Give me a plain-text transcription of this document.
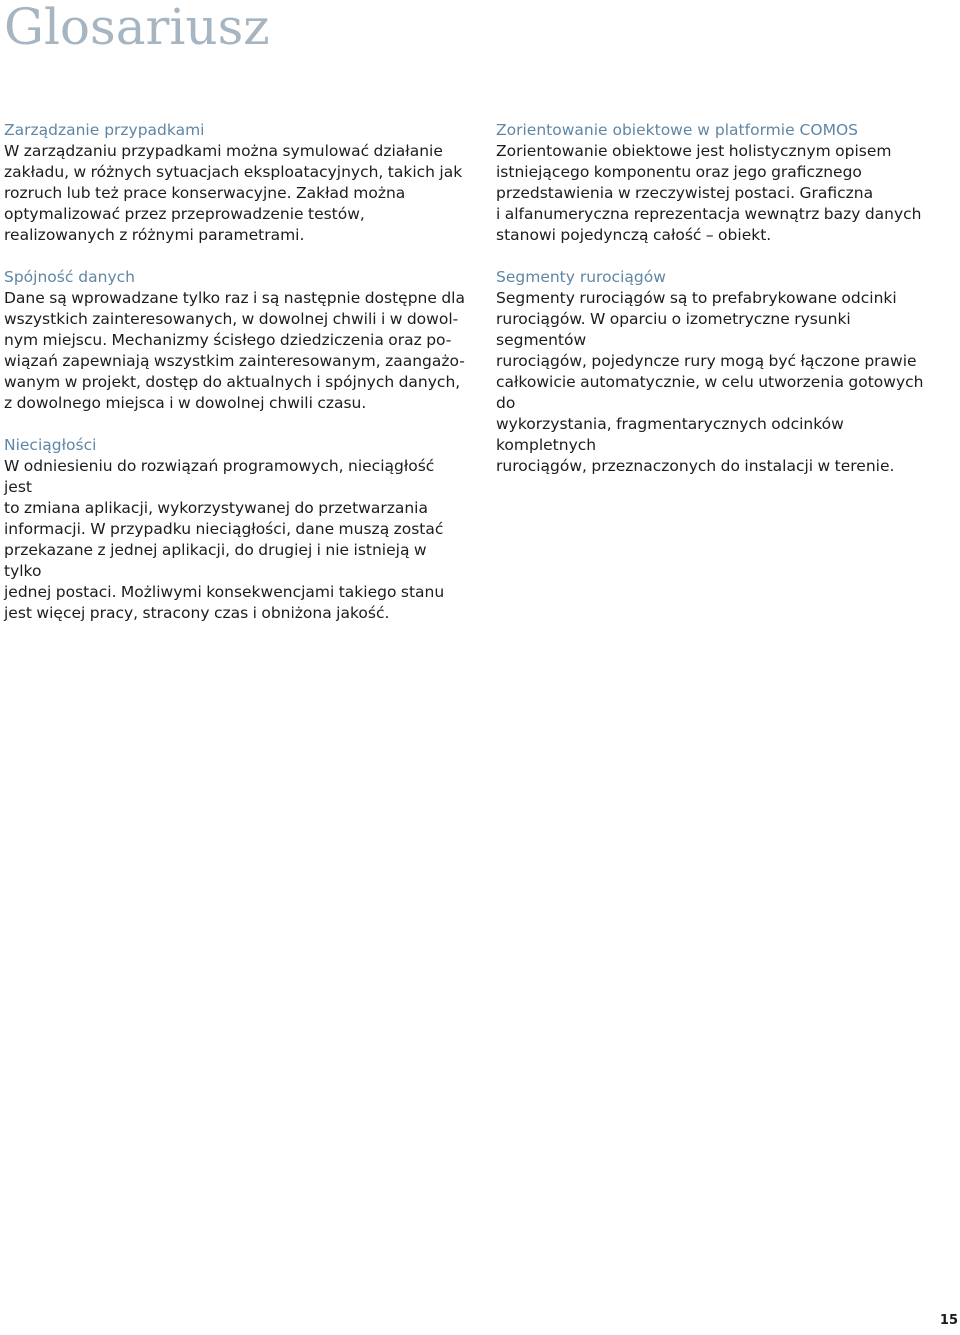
Glosariusz
Zarządzanie przypadkami
W zarządzaniu przypadkami można symulować działanie
zakładu, w różnych sytuacjach eksploatacyjnych, takich jak
rozruch lub też prace konserwacyjne. Zakład można
optymalizować przez przeprowadzenie testów,
realizowanych z różnymi parametrami.
Spójność danych
Dane są wprowadzane tylko raz i są następnie dostępne dla
wszystkich zainteresowanych, w dowolnej chwili i w dowol-
nym miejscu. Mechanizmy ścisłego dziedziczenia oraz po-
wiązań zapewniają wszystkim zainteresowanym, zaangażo-
wanym w projekt, dostęp do aktualnych i spójnych danych,
z dowolnego miejsca i w dowolnej chwili czasu.
Nieciągłości
W odniesieniu do rozwiązań programowych, nieciągłość jest
to zmiana aplikacji, wykorzystywanej do przetwarzania
informacji. W przypadku nieciągłości, dane muszą zostać
przekazane z jednej aplikacji, do drugiej i nie istnieją w tylko
jednej postaci. Możliwymi konsekwencjami takiego stanu
jest więcej pracy, stracony czas i obniżona jakość.
Zorientowanie obiektowe w platformie COMOS
Zorientowanie obiektowe jest holistycznym opisem
istniejącego komponentu oraz jego graficznego
przedstawienia w rzeczywistej postaci. Graficzna
i alfanumeryczna reprezentacja wewnątrz bazy danych
stanowi pojedynczą całość – obiekt.
Segmenty rurociągów
Segmenty rurociągów są to prefabrykowane odcinki
rurociągów. W oparciu o izometryczne rysunki segmentów
rurociągów, pojedyncze rury mogą być łączone prawie
całkowicie automatycznie, w celu utworzenia gotowych do
wykorzystania, fragmentarycznych odcinków kompletnych
rurociągów, przeznaczonych do instalacji w terenie.
15
